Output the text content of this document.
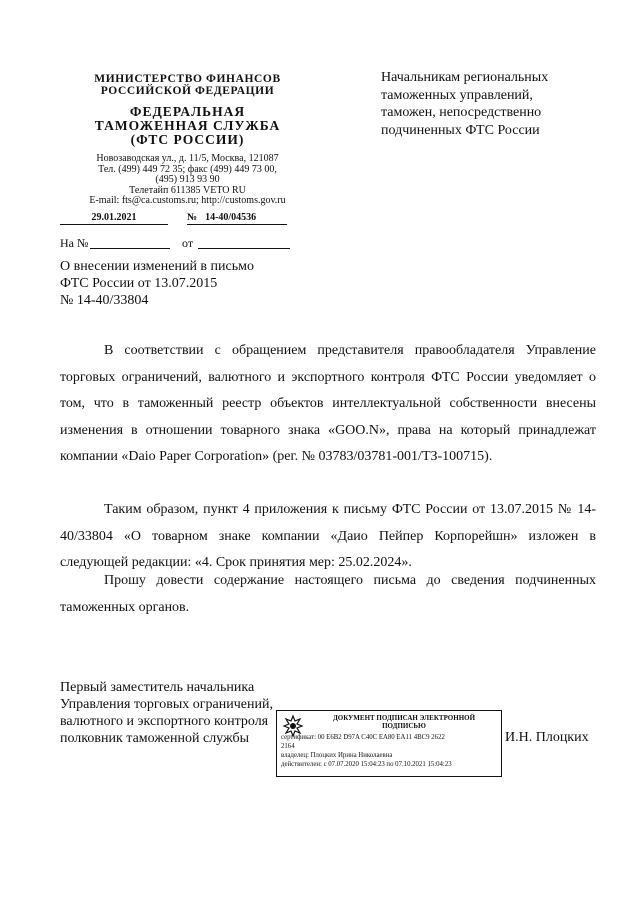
МИНИСТЕРСТВО ФИНАНСОВ
РОССИЙСКОЙ ФЕДЕРАЦИИ
ФЕДЕРАЛЬНАЯ
ТАМОЖЕННАЯ СЛУЖБА
(ФТС РОССИИ)
Новозаводская ул., д. 11/5, Москва, 121087
Тел. (499) 449 72 35; факс (499) 449 73 00,
(495) 913 93 90
Телетайп 611385 VETO RU
E-mail: fts@ca.customs.ru; http://customs.gov.ru
Начальникам региональных
таможенных управлений,
таможен, непосредственно
подчиненных ФТС России
29.01.2021	№ 14-40/04536
На №	от
О внесении изменений в письмо
ФТС России от 13.07.2015
№ 14-40/33804

В соответствии с обращением представителя правообладателя Управление торговых ограничений, валютного и экспортного контроля ФТС России уведомляет о том, что в таможенный реестр объектов интеллектуальной собственности внесены изменения в отношении товарного знака «GOO.N», права на который принадлежат компании «Daio Paper Corporation» (рег. № 03783/03781-001/ТЗ-100715).

Таким образом, пункт 4 приложения к письму ФТС России от 13.07.2015 № 14-40/33804 «О товарном знаке компании «Даио Пейпер Корпорейшн» изложен в следующей редакции: «4. Срок принятия мер: 25.02.2024».

Прошу довести содержание настоящего письма до сведения подчиненных таможенных органов.

Первый заместитель начальника
Управления торговых ограничений,
валютного и экспортного контроля
полковник таможенной службы	И.Н. Плоцких
ДОКУМЕНТ ПОДПИСАН ЭЛЕКТРОННОЙ
ПОДПИСЬЮ
сертификат: 00 E6B2 D97A C40C EA80 EA11 4BC9 2622
2164
владелец: Плоцких Ирина Николаевна
действителен: с 07.07.2020 15:04:23 по 07.10.2021 15:04:23
